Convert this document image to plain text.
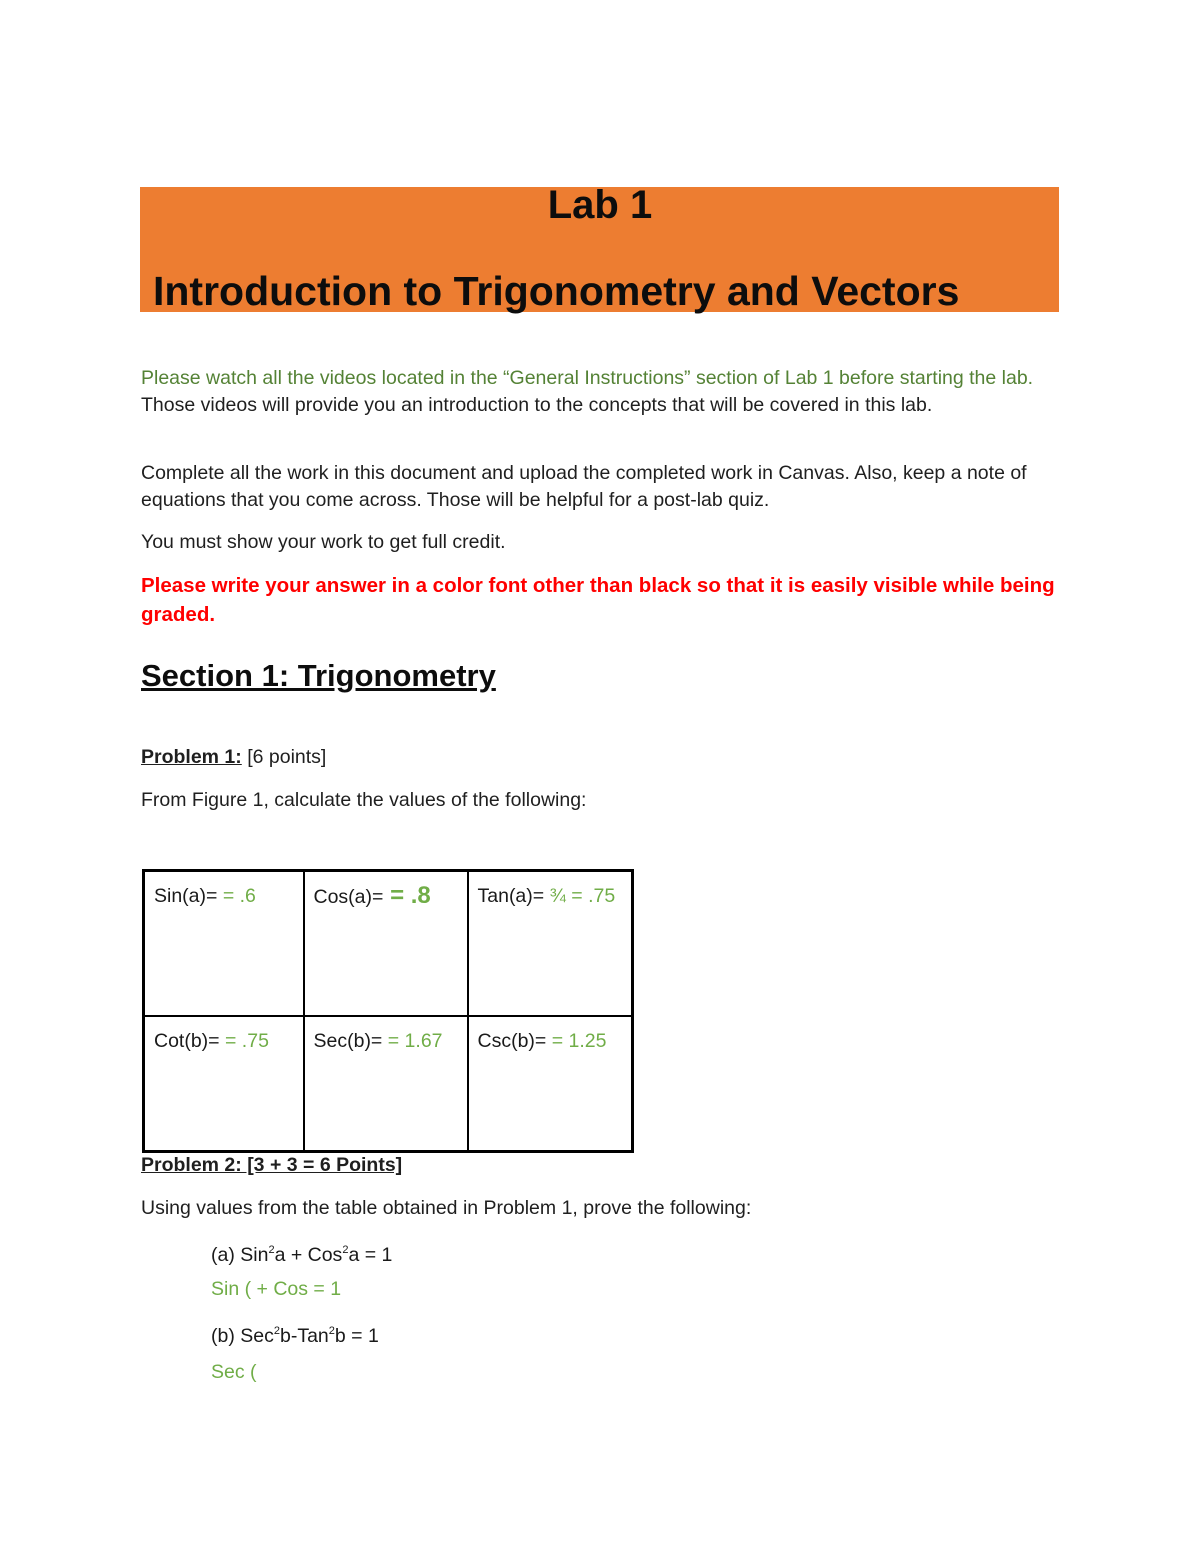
Lab 1
Introduction to Trigonometry and Vectors
Please watch all the videos located in the “General Instructions” section of Lab 1 before starting the lab. Those videos will provide you an introduction to the concepts that will be covered in this lab.
Complete all the work in this document and upload the completed work in Canvas. Also, keep a note of equations that you come across. Those will be helpful for a post-lab quiz.
You must show your work to get full credit.
Please write your answer in a color font other than black so that it is easily visible while being graded.
Section 1: Trigonometry
Problem 1: [6 points]
From Figure 1, calculate the values of the following:
Sin(a)= = .6	Cos(a)= = .8	Tan(a)= ¾ = .75
Cot(b)= = .75	Sec(b)= = 1.67	Csc(b)= = 1.25
Problem 2: [3 + 3 = 6 Points]
Using values from the table obtained in Problem 1, prove the following:
(a) Sin$^2$a + Cos$^2$a = 1
Sin ( + Cos = 1
(b) Sec$^2$b-Tan$^2$b = 1
Sec (
